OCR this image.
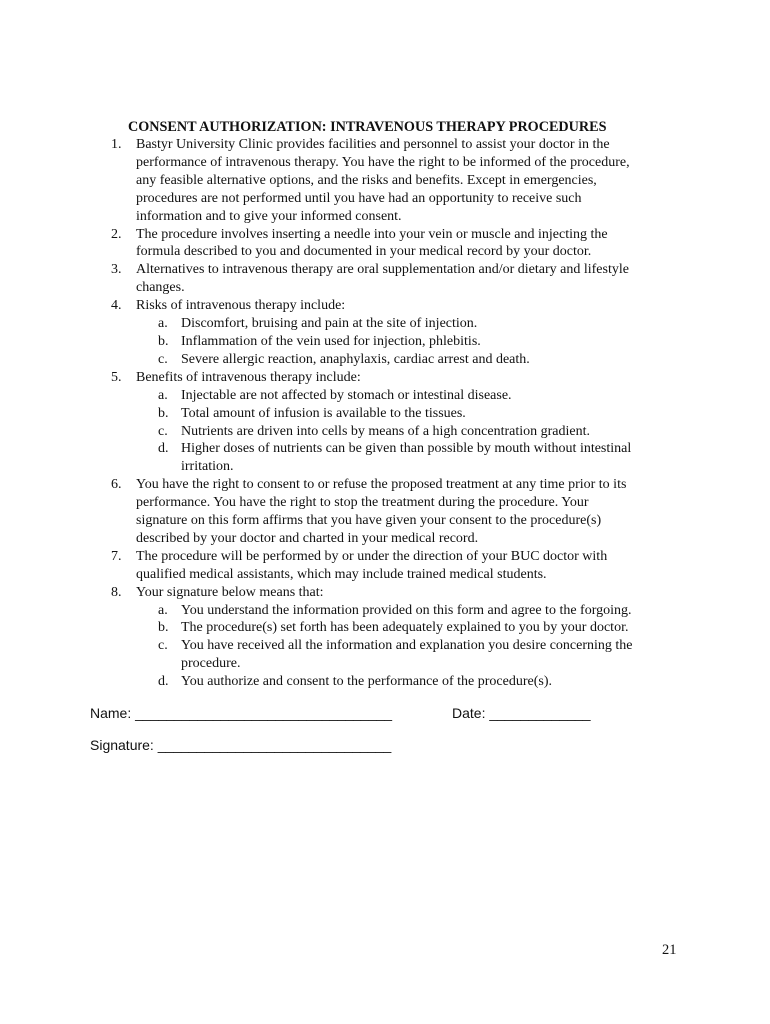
CONSENT AUTHORIZATION: INTRAVENOUS THERAPY PROCEDURES
1.	Bastyr University Clinic provides facilities and personnel to assist your doctor in the
performance of intravenous therapy. You have the right to be informed of the procedure,
any feasible alternative options, and the risks and benefits. Except in emergencies,
procedures are not performed until you have had an opportunity to receive such
information and to give your informed consent.
2.	The procedure involves inserting a needle into your vein or muscle and injecting the
formula described to you and documented in your medical record by your doctor.
3.	Alternatives to intravenous therapy are oral supplementation and/or dietary and lifestyle
changes.
4.	Risks of intravenous therapy include:
a. Discomfort, bruising and pain at the site of injection.
b. Inflammation of the vein used for injection, phlebitis.
c. Severe allergic reaction, anaphylaxis, cardiac arrest and death.
5.	Benefits of intravenous therapy include:
a. Injectable are not affected by stomach or intestinal disease.
b. Total amount of infusion is available to the tissues.
c. Nutrients are driven into cells by means of a high concentration gradient.
d. Higher doses of nutrients can be given than possible by mouth without intestinal
irritation.
6.	You have the right to consent to or refuse the proposed treatment at any time prior to its
performance. You have the right to stop the treatment during the procedure. Your
signature on this form affirms that you have given your consent to the procedure(s)
described by your doctor and charted in your medical record.
7.	The procedure will be performed by or under the direction of your BUC doctor with
qualified medical assistants, which may include trained medical students.
8.	Your signature below means that:
a. You understand the information provided on this form and agree to the forgoing.
b. The procedure(s) set forth has been adequately explained to you by your doctor.
c. You have received all the information and explanation you desire concerning the
procedure.
d. You authorize and consent to the performance of the procedure(s).
Name: _________________________________	Date: _____________
Signature: ______________________________
21
